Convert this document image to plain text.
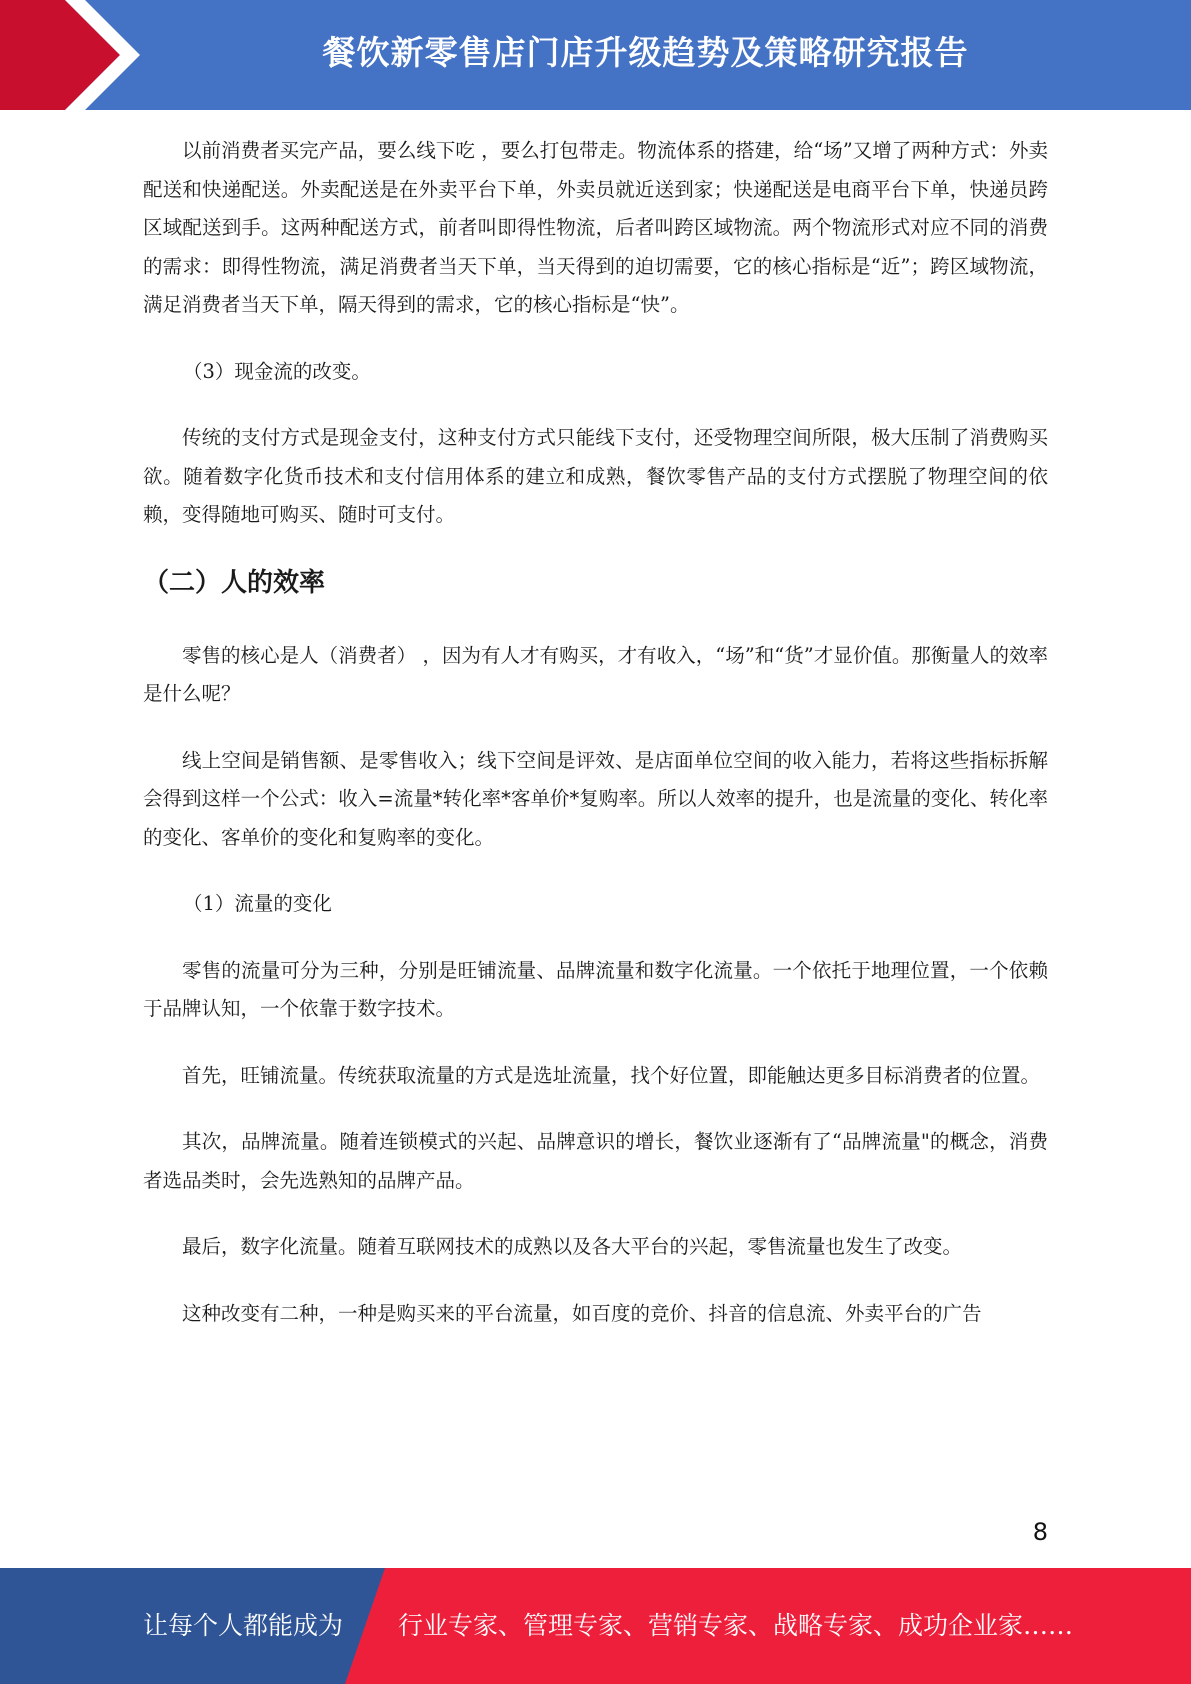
餐饮新零售店门店升级趋势及策略研究报告

以前消费者买完产品，要么线下吃 ，要么打包带走。物流体系的搭建，给“场”又增了两种方式：外卖配送和快递配送。外卖配送是在外卖平台下单，外卖员就近送到家；快递配送是电商平台下单，快递员跨区域配送到手。这两种配送方式，前者叫即得性物流，后者叫跨区域物流。两个物流形式对应不同的消费的需求：即得性物流，满足消费者当天下单，当天得到的迫切需要，它的核心指标是“近”；跨区域物流，满足消费者当天下单，隔天得到的需求，它的核心指标是“快”。

（3）现金流的改变。

传统的支付方式是现金支付，这种支付方式只能线下支付，还受物理空间所限，极大压制了消费购买欲。随着数字化货币技术和支付信用体系的建立和成熟，餐饮零售产品的支付方式摆脱了物理空间的依赖，变得随地可购买、随时可支付。

（二）人的效率

零售的核心是人（消费者） ，因为有人才有购买，才有收入，“场”和“货”才显价值。那衡量人的效率是什么呢？

线上空间是销售额、是零售收入；线下空间是评效、是店面单位空间的收入能力，若将这些指标拆解会得到这样一个公式：收入=流量*转化率*客单价*复购率。所以人效率的提升，也是流量的变化、转化率的变化、客单价的变化和复购率的变化。

（1）流量的变化

零售的流量可分为三种，分别是旺铺流量、品牌流量和数字化流量。一个依托于地理位置，一个依赖于品牌认知，一个依靠于数字技术。

首先，旺铺流量。传统获取流量的方式是选址流量，找个好位置，即能触达更多目标消费者的位置。

其次，品牌流量。随着连锁模式的兴起、品牌意识的增长，餐饮业逐渐有了“品牌流量"的概念，消费者选品类时，会先选熟知的品牌产品。

最后，数字化流量。随着互联网技术的成熟以及各大平台的兴起，零售流量也发生了改变。

这种改变有二种，一种是购买来的平台流量，如百度的竞价、抖音的信息流、外卖平台的广告

8
让每个人都能成为 行业专家、管理专家、营销专家、战略专家、成功企业家……
